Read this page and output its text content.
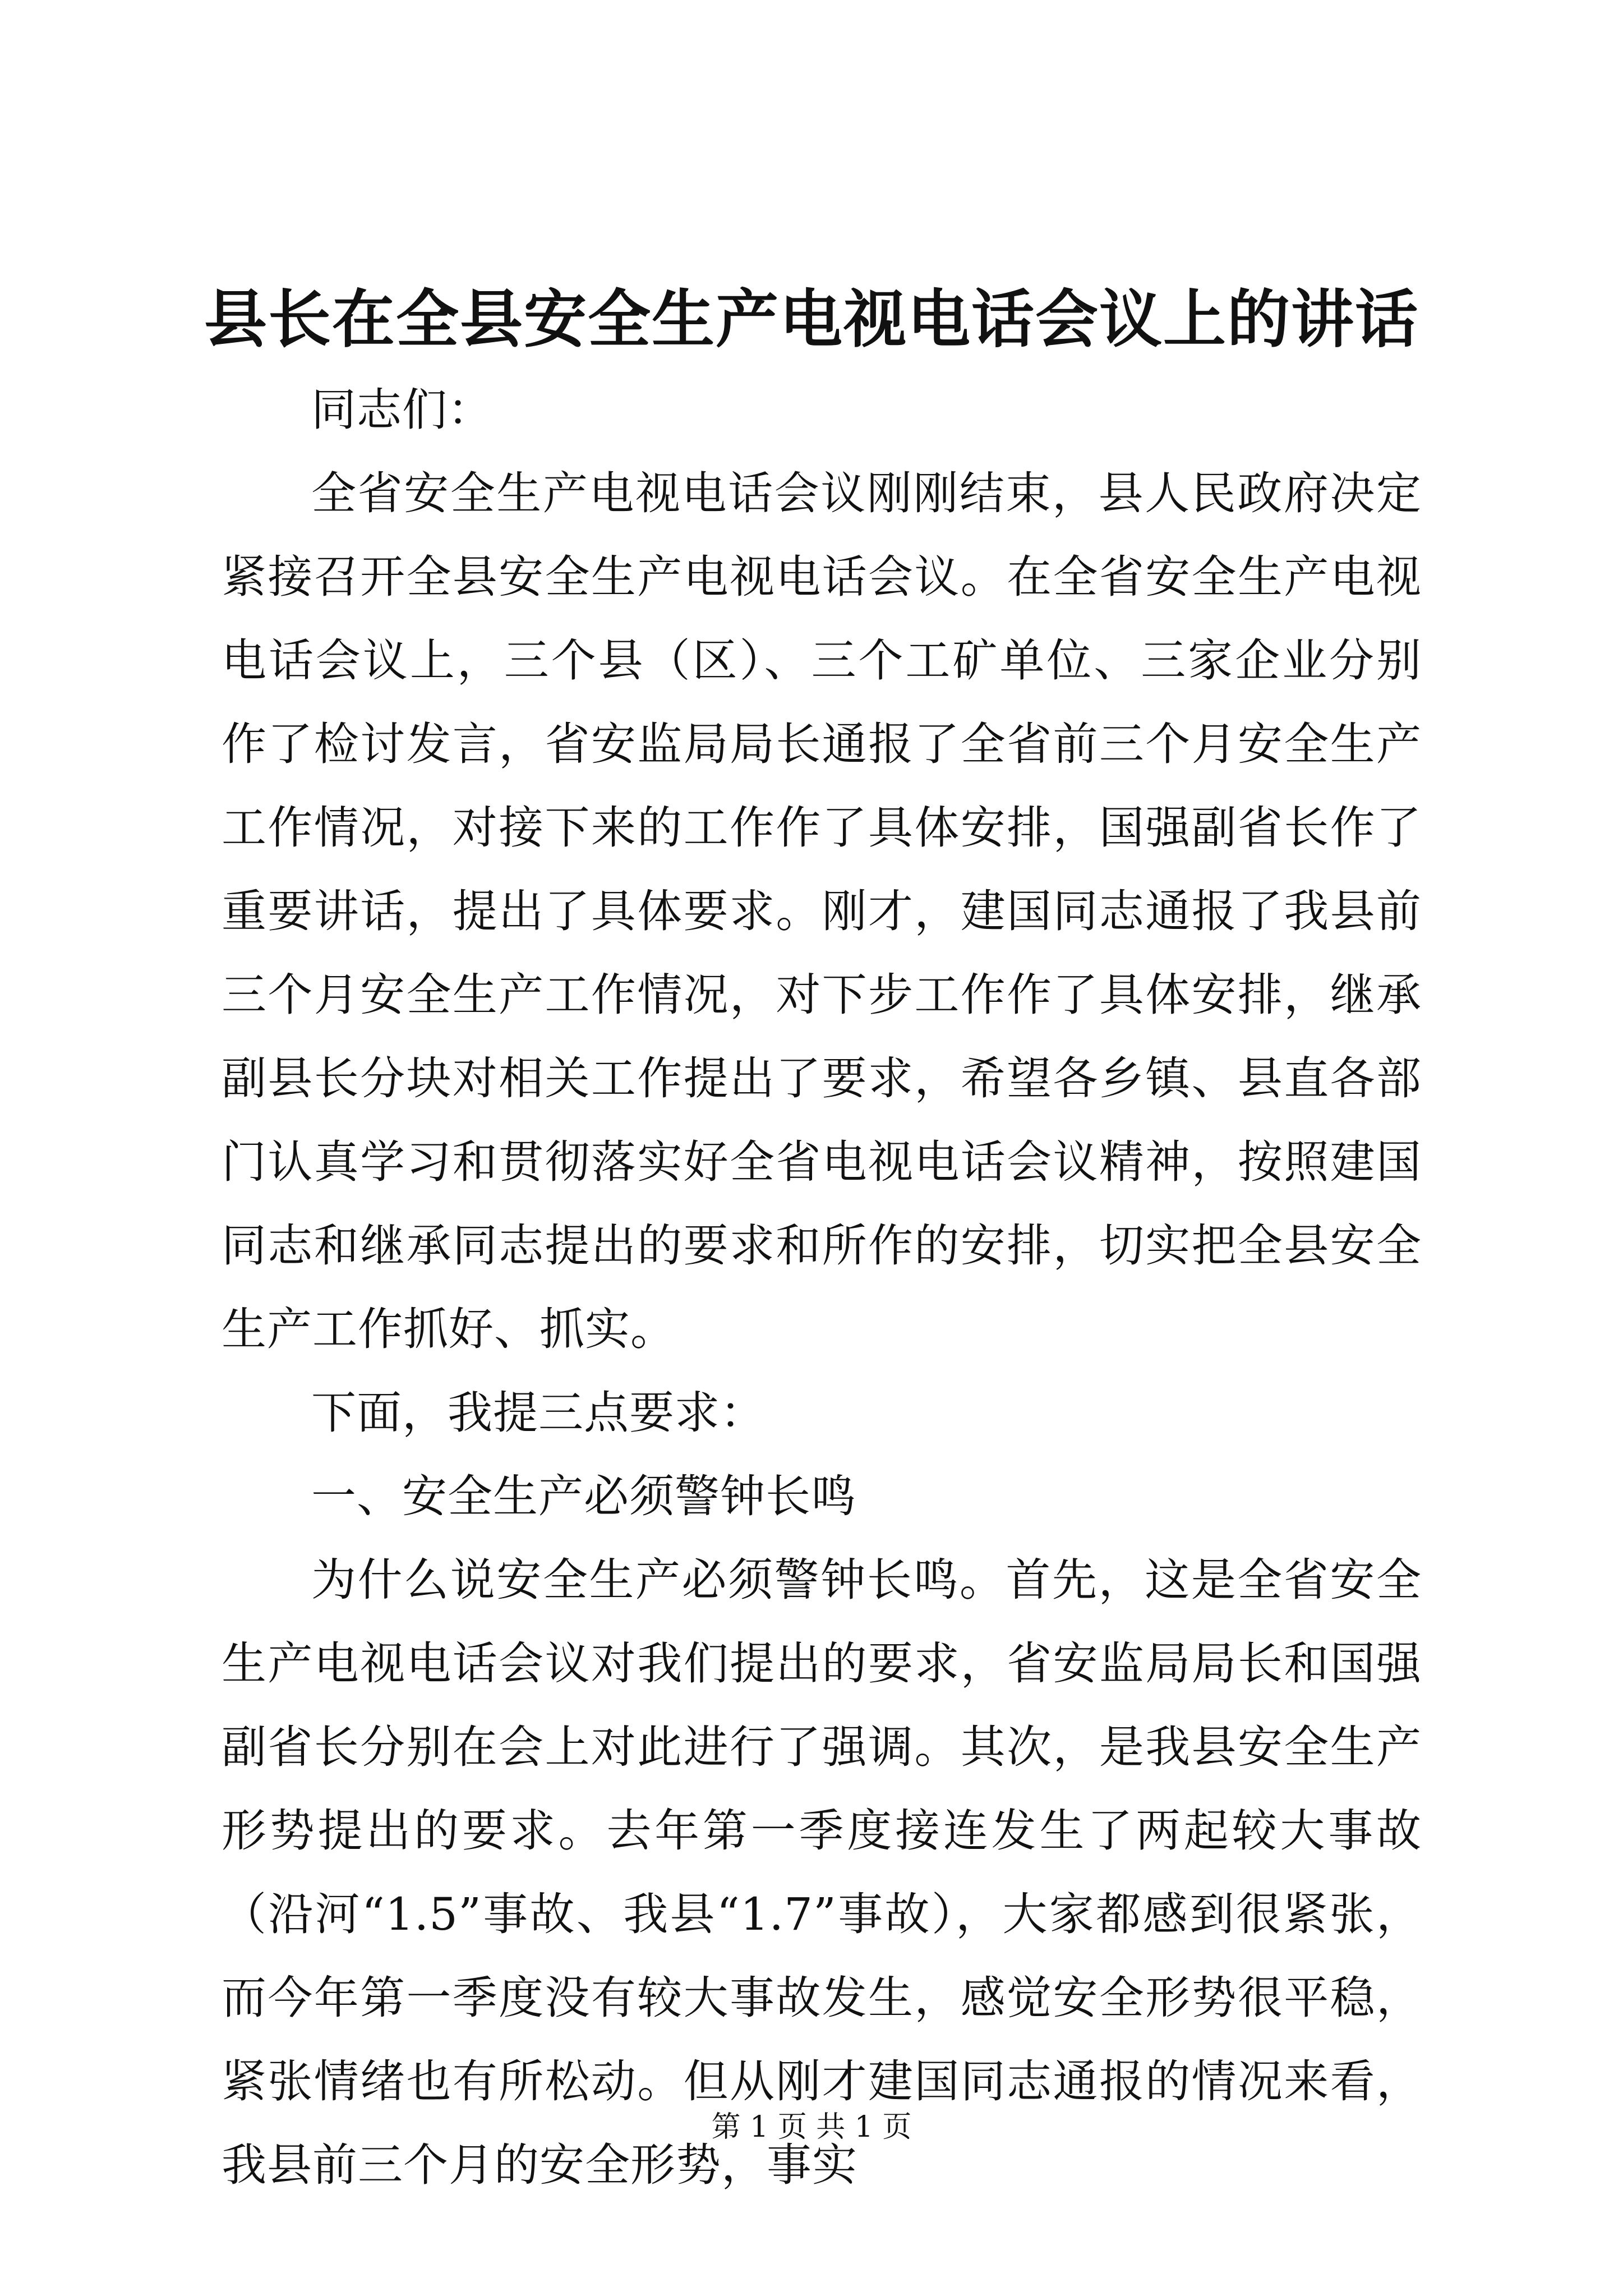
县长在全县安全生产电视电话会议上的讲话

同志们：

全省安全生产电视电话会议刚刚结束，县人民政府决定紧接召开全县安全生产电视电话会议。在全省安全生产电视电话会议上，三个县（区）、三个工矿单位、三家企业分别作了检讨发言，省安监局局长通报了全省前三个月安全生产工作情况，对接下来的工作作了具体安排，国强副省长作了重要讲话，提出了具体要求。刚才，建国同志通报了我县前三个月安全生产工作情况，对下步工作作了具体安排，继承副县长分块对相关工作提出了要求，希望各乡镇、县直各部门认真学习和贯彻落实好全省电视电话会议精神，按照建国同志和继承同志提出的要求和所作的安排，切实把全县安全生产工作抓好、抓实。

下面，我提三点要求：

一、安全生产必须警钟长鸣

为什么说安全生产必须警钟长鸣。首先，这是全省安全生产电视电话会议对我们提出的要求，省安监局局长和国强副省长分别在会上对此进行了强调。其次，是我县安全生产形势提出的要求。去年第一季度接连发生了两起较大事故（沿河“1.5”事故、我县“1.7”事故），大家都感到很紧张，而今年第一季度没有较大事故发生，感觉安全形势很平稳，紧张情绪也有所松动。但从刚才建国同志通报的情况来看，我县前三个月的安全形势，事实

第 1 页 共 1 页
